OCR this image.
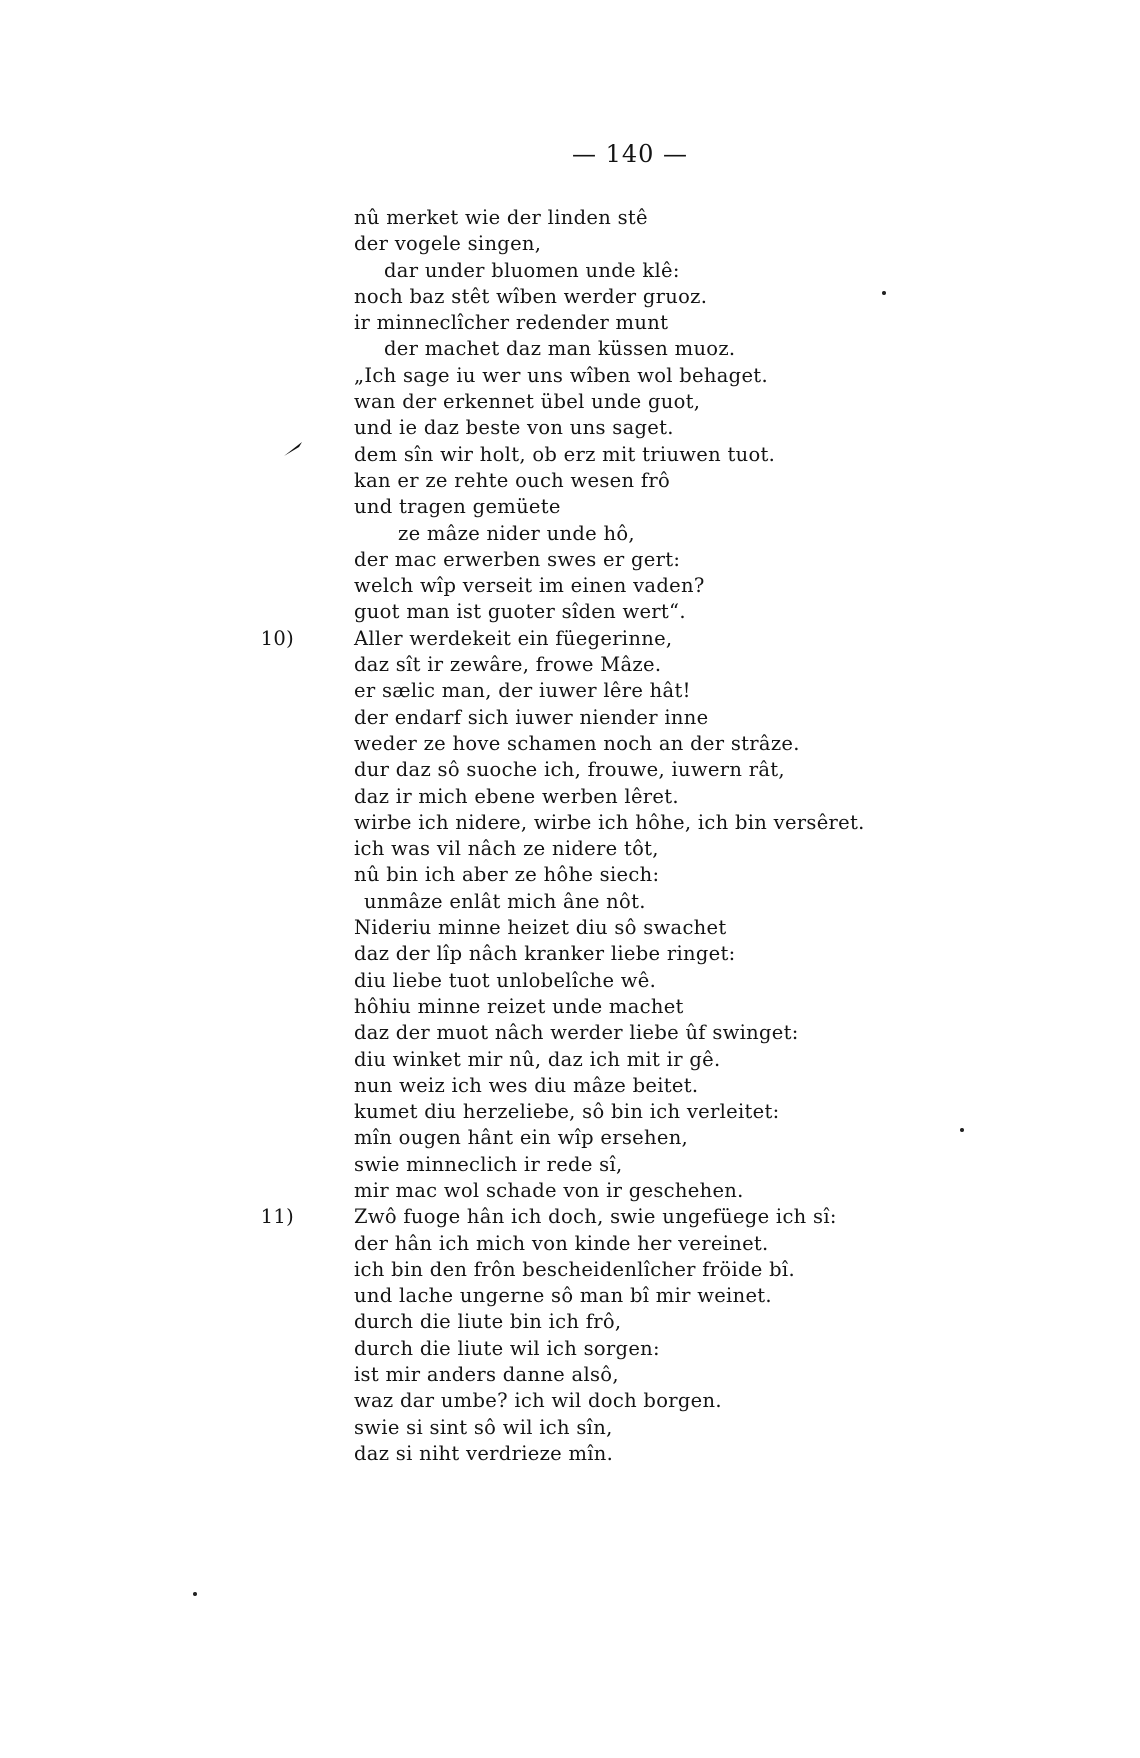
— 140 —
nû merket wie der linden stê
der vogele singen,
dar under bluomen unde klê:
noch baz stêt wîben werder gruoz.
ir minneclîcher redender munt
der machet daz man küssen muoz.
„Ich sage iu wer uns wîben wol behaget.
wan der erkennet übel unde guot,
und ie daz beste von uns saget.
dem sîn wir holt, ob erz mit triuwen tuot.
kan er ze rehte ouch wesen frô
und tragen gemüete
ze mâze nider unde hô,
der mac erwerben swes er gert:
welch wîp verseit im einen vaden?
guot man ist guoter sîden wert“.
10)	Aller werdekeit ein füegerinne,
daz sît ir zewâre, frowe Mâze.
er sælic man, der iuwer lêre hât!
der endarf sich iuwer niender inne
weder ze hove schamen noch an der strâze.
dur daz sô suoche ich, frouwe, iuwern rât,
daz ir mich ebene werben lêret.
wirbe ich nidere, wirbe ich hôhe, ich bin versêret.
ich was vil nâch ze nidere tôt,
nû bin ich aber ze hôhe siech:
unmâze enlât mich âne nôt.
Nideriu minne heizet diu sô swachet
daz der lîp nâch kranker liebe ringet:
diu liebe tuot unlobelîche wê.
hôhiu minne reizet unde machet
daz der muot nâch werder liebe ûf swinget:
diu winket mir nû, daz ich mit ir gê.
nun weiz ich wes diu mâze beitet.
kumet diu herzeliebe, sô bin ich verleitet:
mîn ougen hânt ein wîp ersehen,
swie minneclich ir rede sî,
mir mac wol schade von ir geschehen.
11)	Zwô fuoge hân ich doch, swie ungefüege ich sî:
der hân ich mich von kinde her vereinet.
ich bin den frôn bescheidenlîcher fröide bî.
und lache ungerne sô man bî mir weinet.
durch die liute bin ich frô,
durch die liute wil ich sorgen:
ist mir anders danne alsô,
waz dar umbe? ich wil doch borgen.
swie si sint sô wil ich sîn,
daz si niht verdrieze mîn.
